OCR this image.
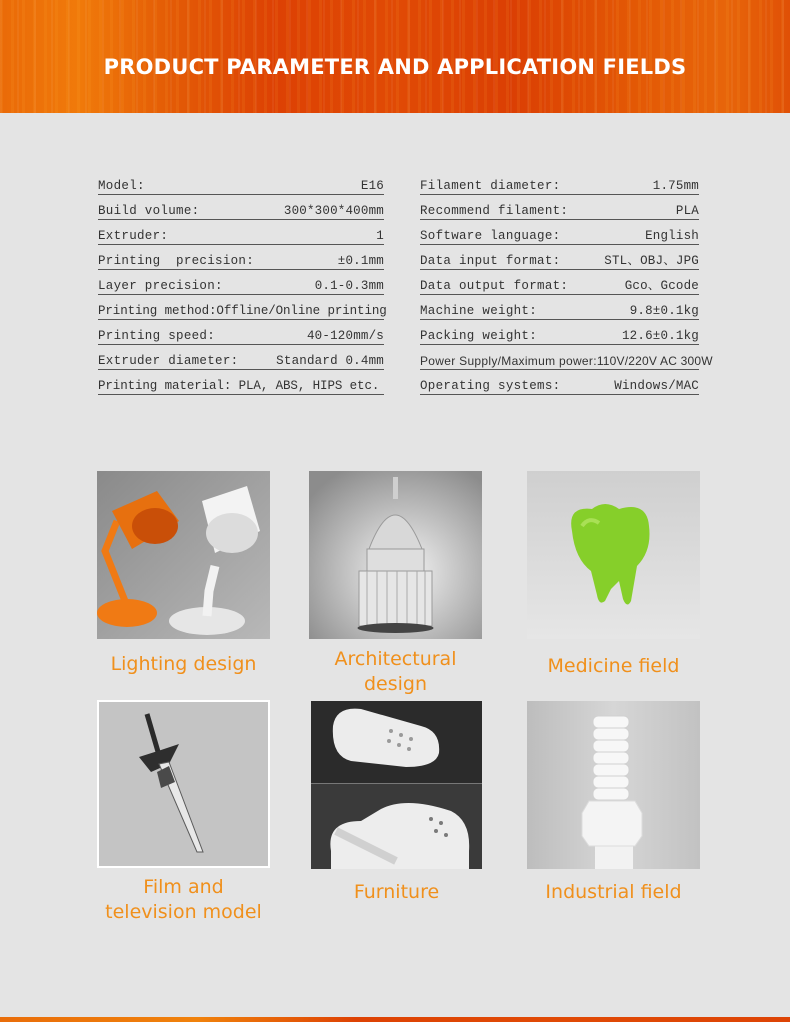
PRODUCT PARAMETER AND APPLICATION FIELDS
Model:	E16
Build volume:	300*300*400mm
Extruder:	1
Printing  precision:	±0.1mm
Layer precision:	0.1-0.3mm
Printing method:Offline/Online printing
Printing speed:	40-120mm/s
Extruder diameter:	Standard 0.4mm
Printing material: PLA, ABS, HIPS etc.
Filament diameter:	1.75mm
Recommend filament:	PLA
Software language:	English
Data input format:	STL、OBJ、JPG
Data output format:	Gco、Gcode
Machine weight:	9.8±0.1kg
Packing weight:	12.6±0.1kg
Power Supply/Maximum power: 110V/220V AC 300W
Operating systems:	Windows/MAC
Lighting design	Architectural
design
Medicine field
Film and
television model
Furniture	Industrial field
